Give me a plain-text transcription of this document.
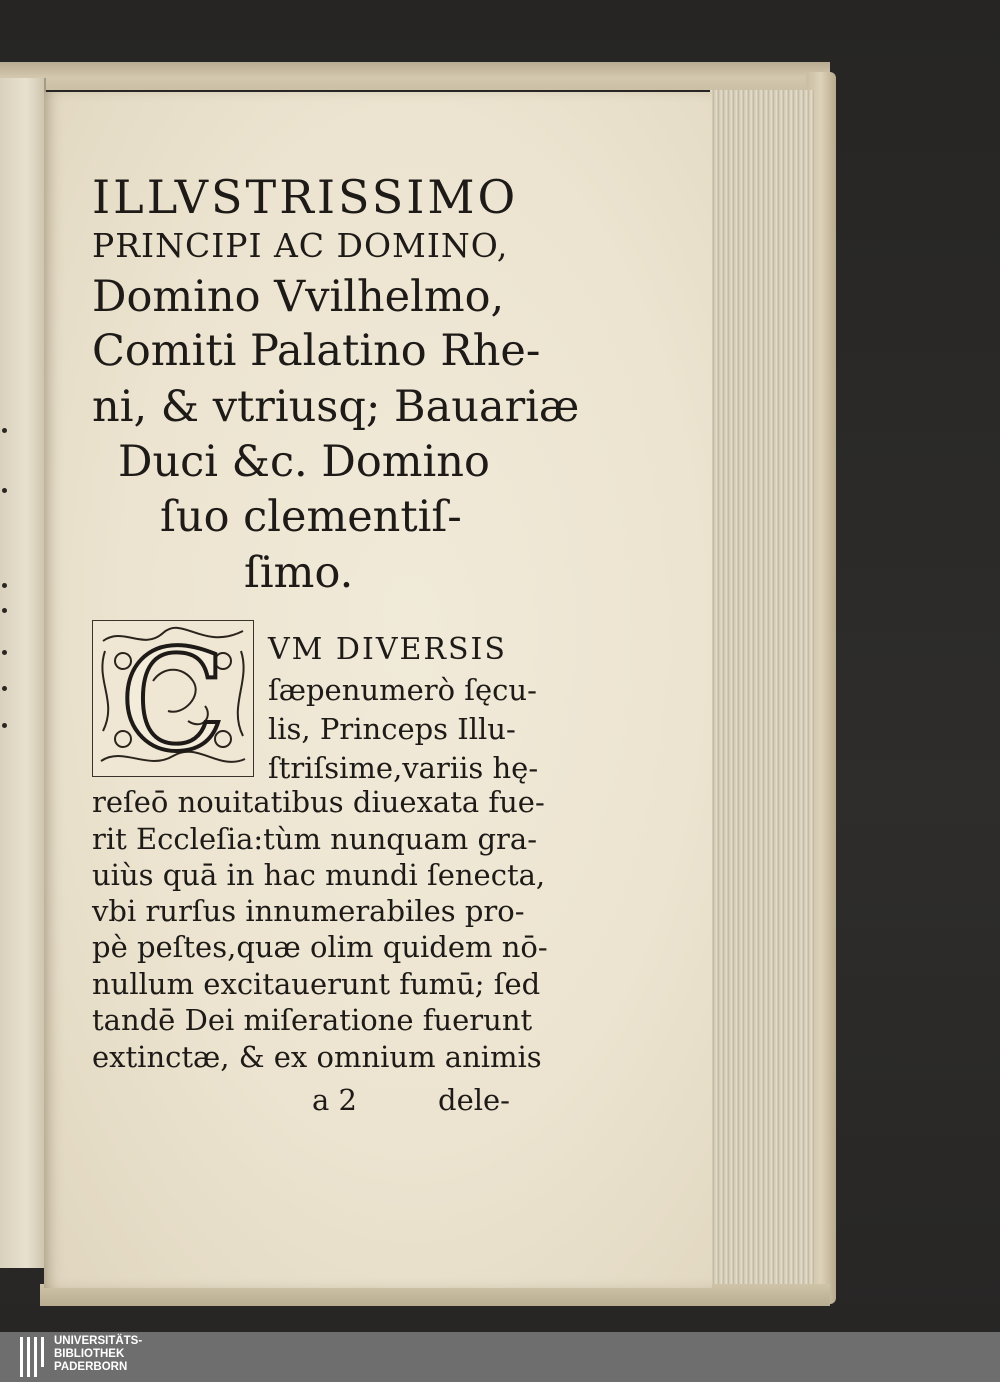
ILLVSTRISSIMO
PRINCIPI AC DOMINO,
Domino Vvilhelmo,
Comiti Palatino Rhe-
ni, & vtriusq; Bauariæ
Duci &c. Domino
ſuo clementiſ-
ſimo.
C VM DIVERSIS
ſæpenumerò ſęcu-
lis, Princeps Illu-
ſtriſsime,variis hę-
reſeō nouitatibus diuexata fue-
rit Eccleſia:tùm nunquam gra-
uiùs quā in hac mundi ſenecta,
vbi rurſus innumerabiles pro-
pè peſtes,quæ olim quidem nō-
nullum excitauerunt fumū; ſed
tandē Dei miſeratione fuerunt
extinctæ, & ex omnium animis
a 2	dele-
UNIVERSITÄTS-
BIBLIOTHEK
PADERBORN
